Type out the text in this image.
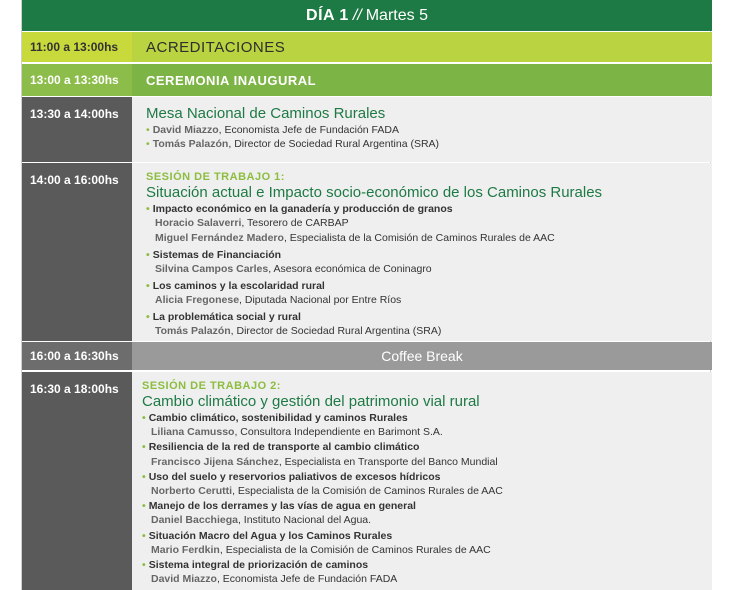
DÍA 1 // Martes 5
11:00 a 13:00hs	ACREDITACIONES
13:00 a 13:30hs	CEREMONIA INAUGURAL
13:30 a 14:00hs	Mesa Nacional de Caminos Rurales
• David Miazzo, Economista Jefe de Fundación FADA
• Tomás Palazón, Director de Sociedad Rural Argentina (SRA)
14:00 a 16:00hs	SESIÓN DE TRABAJO 1:
Situación actual e Impacto socio-económico de los Caminos Rurales
• Impacto económico en la ganadería y producción de granos
Horacio Salaverri, Tesorero de CARBAP
Miguel Fernández Madero, Especialista de la Comisión de Caminos Rurales de AAC
• Sistemas de Financiación
Silvina Campos Carles, Asesora económica de Coninagro
• Los caminos y la escolaridad rural
Alicia Fregonese, Diputada Nacional por Entre Ríos
• La problemática social y rural
Tomás Palazón, Director de Sociedad Rural Argentina (SRA)
16:00 a 16:30hs	Coffee Break
16:30 a 18:00hs	SESIÓN DE TRABAJO 2:
Cambio climático y gestión del patrimonio vial rural
• Cambio climático, sostenibilidad y caminos Rurales
Liliana Camusso, Consultora Independiente en Barimont S.A.
• Resiliencia de la red de transporte al cambio climático
Francisco Jijena Sánchez, Especialista en Transporte del Banco Mundial
• Uso del suelo y reservorios paliativos de excesos hídricos
Norberto Cerutti, Especialista de la Comisión de Caminos Rurales de AAC
• Manejo de los derrames y las vías de agua en general
Daniel Bacchiega, Instituto Nacional del Agua.
• Situación Macro del Agua y los Caminos Rurales
Mario Ferdkin, Especialista de la Comisión de Caminos Rurales de AAC
• Sistema integral de priorización de caminos
David Miazzo, Economista Jefe de Fundación FADA
